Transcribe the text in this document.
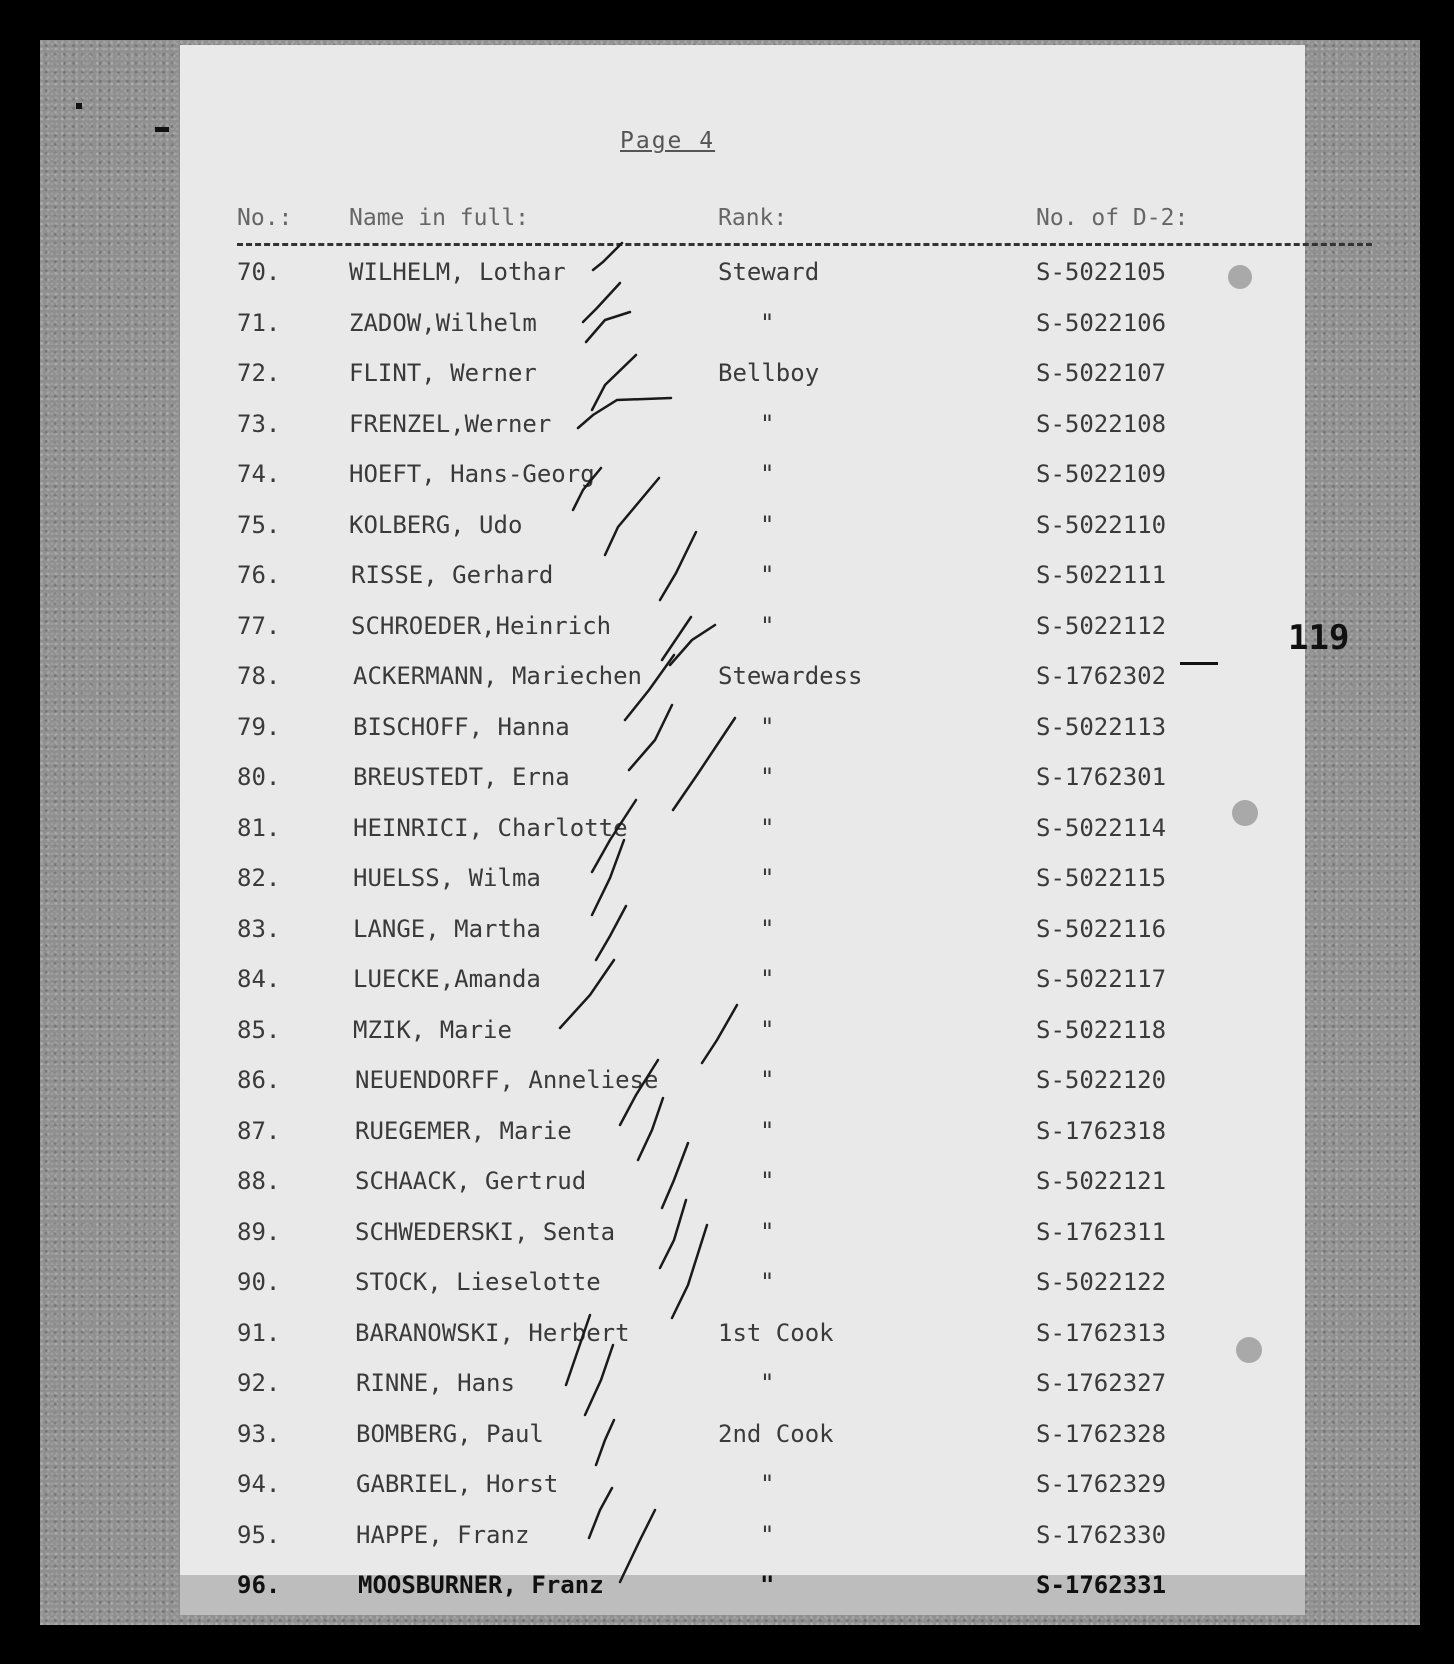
Page 4
119
No.: Name in full:	Rank:	No. of D-2:
70.	WILHELM, Lothar	Steward	S-5022105
71.	ZADOW,Wilhelm	"	S-5022106
72.	FLINT, Werner	Bellboy	S-5022107
73.	FRENZEL,Werner	"	S-5022108
74.	HOEFT, Hans-Georg	"	S-5022109
75.	KOLBERG, Udo	"	S-5022110
76.	RISSE, Gerhard	"	S-5022111
77.	SCHROEDER,Heinrich	"	S-5022112
78.	ACKERMANN, Mariechen	Stewardess	S-1762302
79.	BISCHOFF, Hanna	"	S-5022113
80.	BREUSTEDT, Erna	"	S-1762301
81.	HEINRICI, Charlotte	"	S-5022114
82.	HUELSS, Wilma	"	S-5022115
83.	LANGE, Martha	"	S-5022116
84.	LUECKE,Amanda	"	S-5022117
85.	MZIK, Marie	"	S-5022118
86.	NEUENDORFF, Anneliese	"	S-5022120
87.	RUEGEMER, Marie	"	S-1762318
88.	SCHAACK, Gertrud	"	S-5022121
89.	SCHWEDERSKI, Senta	"	S-1762311
90.	STOCK, Lieselotte	"	S-5022122
91.	BARANOWSKI, Herbert	1st Cook	S-1762313
92.	RINNE, Hans	"	S-1762327
93.	BOMBERG, Paul	2nd Cook	S-1762328
94.	GABRIEL, Horst	"	S-1762329
95.	HAPPE, Franz	"	S-1762330
96.	MOOSBURNER, Franz	"	S-1762331
